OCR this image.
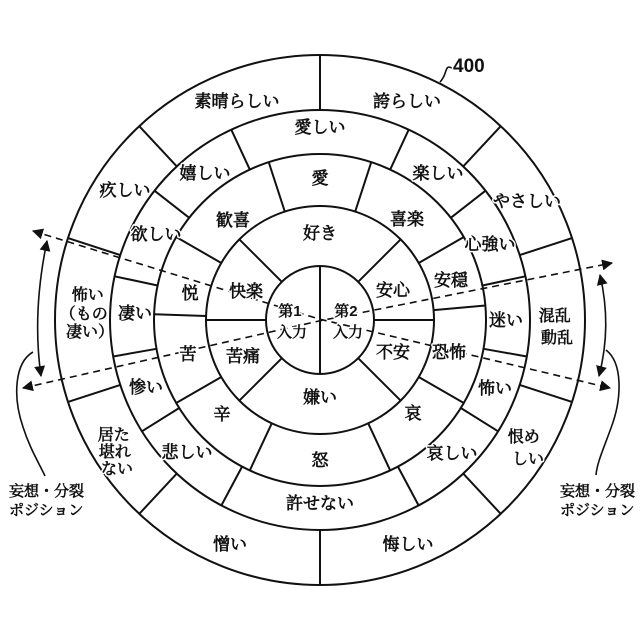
400
第1 入力
第2 入力
好き
安心
不安
嫌い
苦痛
快楽
愛
喜楽
安穏
恐怖
哀
怒
辛
苦
悦
歓喜
愛しい
楽しい
心強い
迷い
怖い
哀しい
許せない
悲しい
惨い
凄い
欲しい
嬉しい
誇らしい
やさしい
混乱 動乱
恨め しい
悔しい
憎い
居た 堪れ ない
怖い （もの 凄い）
疚しい
素晴らしい
妄想・分裂 ポジション
妄想・分裂 ポジション
